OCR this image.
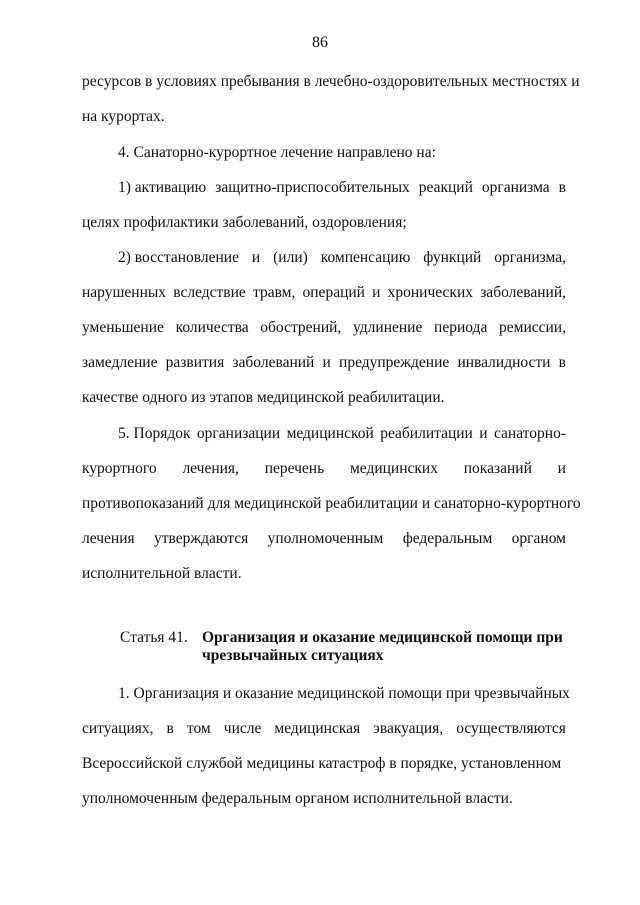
86
ресурсов в условиях пребывания в лечебно-оздоровительных местностях и
на курортах.
4. Санаторно-курортное лечение направлено на:
1) активацию защитно-приспособительных реакций организма в
целях профилактики заболеваний, оздоровления;
2) восстановление и (или) компенсацию функций организма,
нарушенных вследствие травм, операций и хронических заболеваний,
уменьшение количества обострений, удлинение периода ремиссии,
замедление развития заболеваний и предупреждение инвалидности в
качестве одного из этапов медицинской реабилитации.
5. Порядок организации медицинской реабилитации и санаторно-
курортного лечения, перечень медицинских показаний и
противопоказаний для медицинской реабилитации и санаторно-курортного
лечения утверждаются уполномоченным федеральным органом
исполнительной власти.
Статья 41. Организация и оказание медицинской помощи при
чрезвычайных ситуациях
1. Организация и оказание медицинской помощи при чрезвычайных
ситуациях, в том числе медицинская эвакуация, осуществляются
Всероссийской службой медицины катастроф в порядке, установленном
уполномоченным федеральным органом исполнительной власти.
